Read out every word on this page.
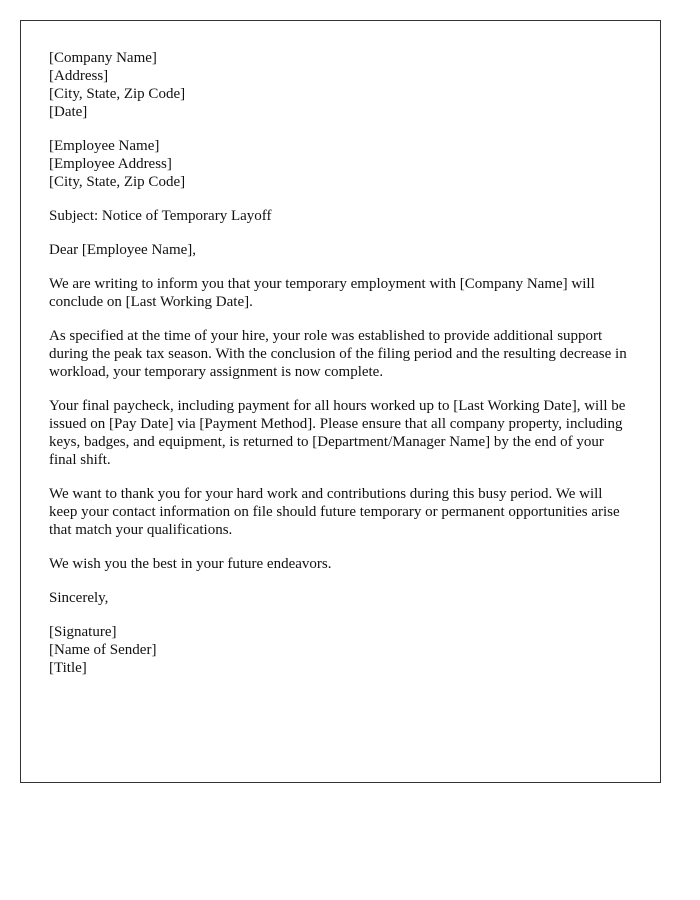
[Company Name]
[Address]
[City, State, Zip Code]
[Date]
[Employee Name]
[Employee Address]
[City, State, Zip Code]

Subject: Notice of Temporary Layoff

Dear [Employee Name],

We are writing to inform you that your temporary employment with [Company Name] will conclude on [Last Working Date].

As specified at the time of your hire, your role was established to provide additional support during the peak tax season. With the conclusion of the filing period and the resulting decrease in workload, your temporary assignment is now complete.

Your final paycheck, including payment for all hours worked up to [Last Working Date], will be issued on [Pay Date] via [Payment Method]. Please ensure that all company property, including keys, badges, and equipment, is returned to [Department/Manager Name] by the end of your final shift.

We want to thank you for your hard work and contributions during this busy period. We will keep your contact information on file should future temporary or permanent opportunities arise that match your qualifications.

We wish you the best in your future endeavors.

Sincerely,

[Signature]
[Name of Sender]
[Title]
